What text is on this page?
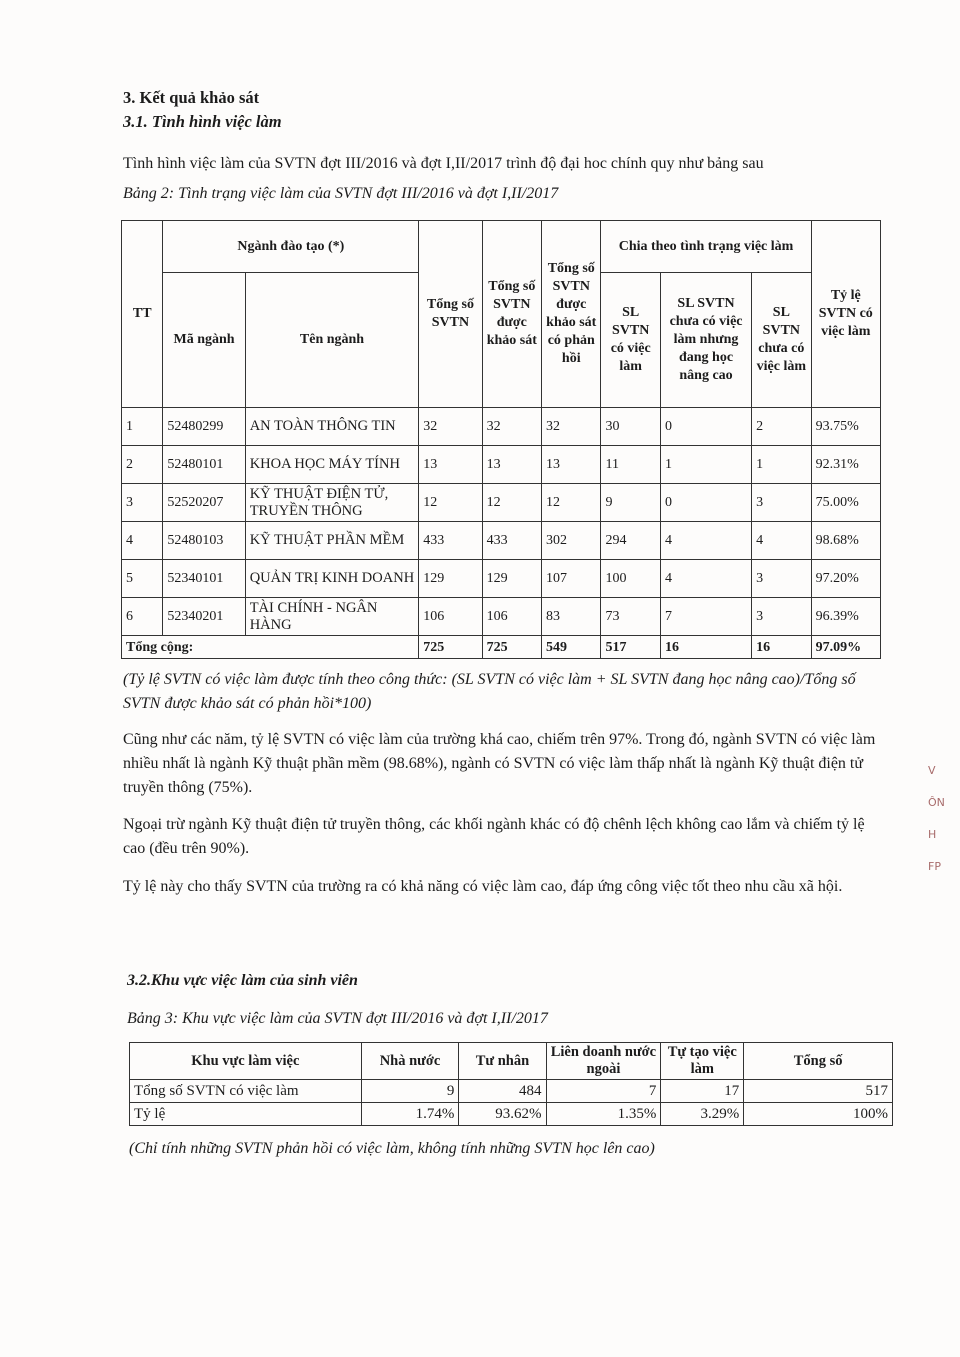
3. Kết quả khảo sát
3.1. Tình hình việc làm
Tình hình việc làm của SVTN đợt III/2016 và đợt I,II/2017 trình độ đại hoc chính quy như bảng sau
Bảng 2: Tình trạng việc làm của SVTN đợt III/2016 và đợt I,II/2017
TT	Ngành đào tạo (*)		Tổng số SVTN	Tổng số SVTN được khảo sát	Tổng số SVTN được khảo sát có phản hồi	Chia theo tình trạng việc làm			Tỷ lệ SVTN có việc làm
	Mã ngành	Tên ngành				SL SVTN có việc làm	SL SVTN chưa có việc làm nhưng đang học nâng cao	SL SVTN chưa có việc làm	
1	52480299	AN TOÀN THÔNG TIN	32	32	32	30	0	2	93.75%
2	52480101	KHOA HỌC MÁY TÍNH	13	13	13	11	1	1	92.31%
3	52520207	KỸ THUẬT ĐIỆN TỬ, TRUYỀN THÔNG	12	12	12	9	0	3	75.00%
4	52480103	KỸ THUẬT PHẦN MỀM	433	433	302	294	4	4	98.68%
5	52340101	QUẢN TRỊ KINH DOANH	129	129	107	100	4	3	97.20%
6	52340201	TÀI CHÍNH - NGÂN HÀNG	106	106	83	73	7	3	96.39%
Tổng cộng:			725	725	549	517	16	16	97.09%
(Tỷ lệ SVTN có việc làm được tính theo công thức: (SL SVTN có việc làm + SL SVTN đang học nâng cao)/Tổng số SVTN được khảo sát có phản hồi*100)
Cũng như các năm, tỷ lệ SVTN có việc làm của trường khá cao, chiếm trên 97%. Trong đó, ngành SVTN có việc làm nhiều nhất là ngành Kỹ thuật phần mềm (98.68%), ngành có SVTN có việc làm thấp nhất là ngành Kỹ thuật điện tử truyền thông (75%).
Ngoại trừ ngành Kỹ thuật điện tử truyền thông, các khối ngành khác có độ chênh lệch không cao lắm và chiếm tỷ lệ cao (đều trên 90%).
Tỷ lệ này cho thấy SVTN của trường ra có khả năng có việc làm cao, đáp ứng công việc tốt theo nhu cầu xã hội.
3.2.Khu vực việc làm của sinh viên
Bảng 3: Khu vực việc làm của SVTN đợt III/2016 và đợt I,II/2017
Khu vực làm việc	Nhà nước	Tư nhân	Liên doanh nước ngoài	Tự tạo việc làm	Tổng số
Tổng số SVTN có việc làm	9	484	7	17	517
Tỷ lệ	1.74%	93.62%	1.35%	3.29%	100%
(Chỉ tính những SVTN phản hồi có việc làm, không tính những SVTN học lên cao)
V
ÔN
H
FP
